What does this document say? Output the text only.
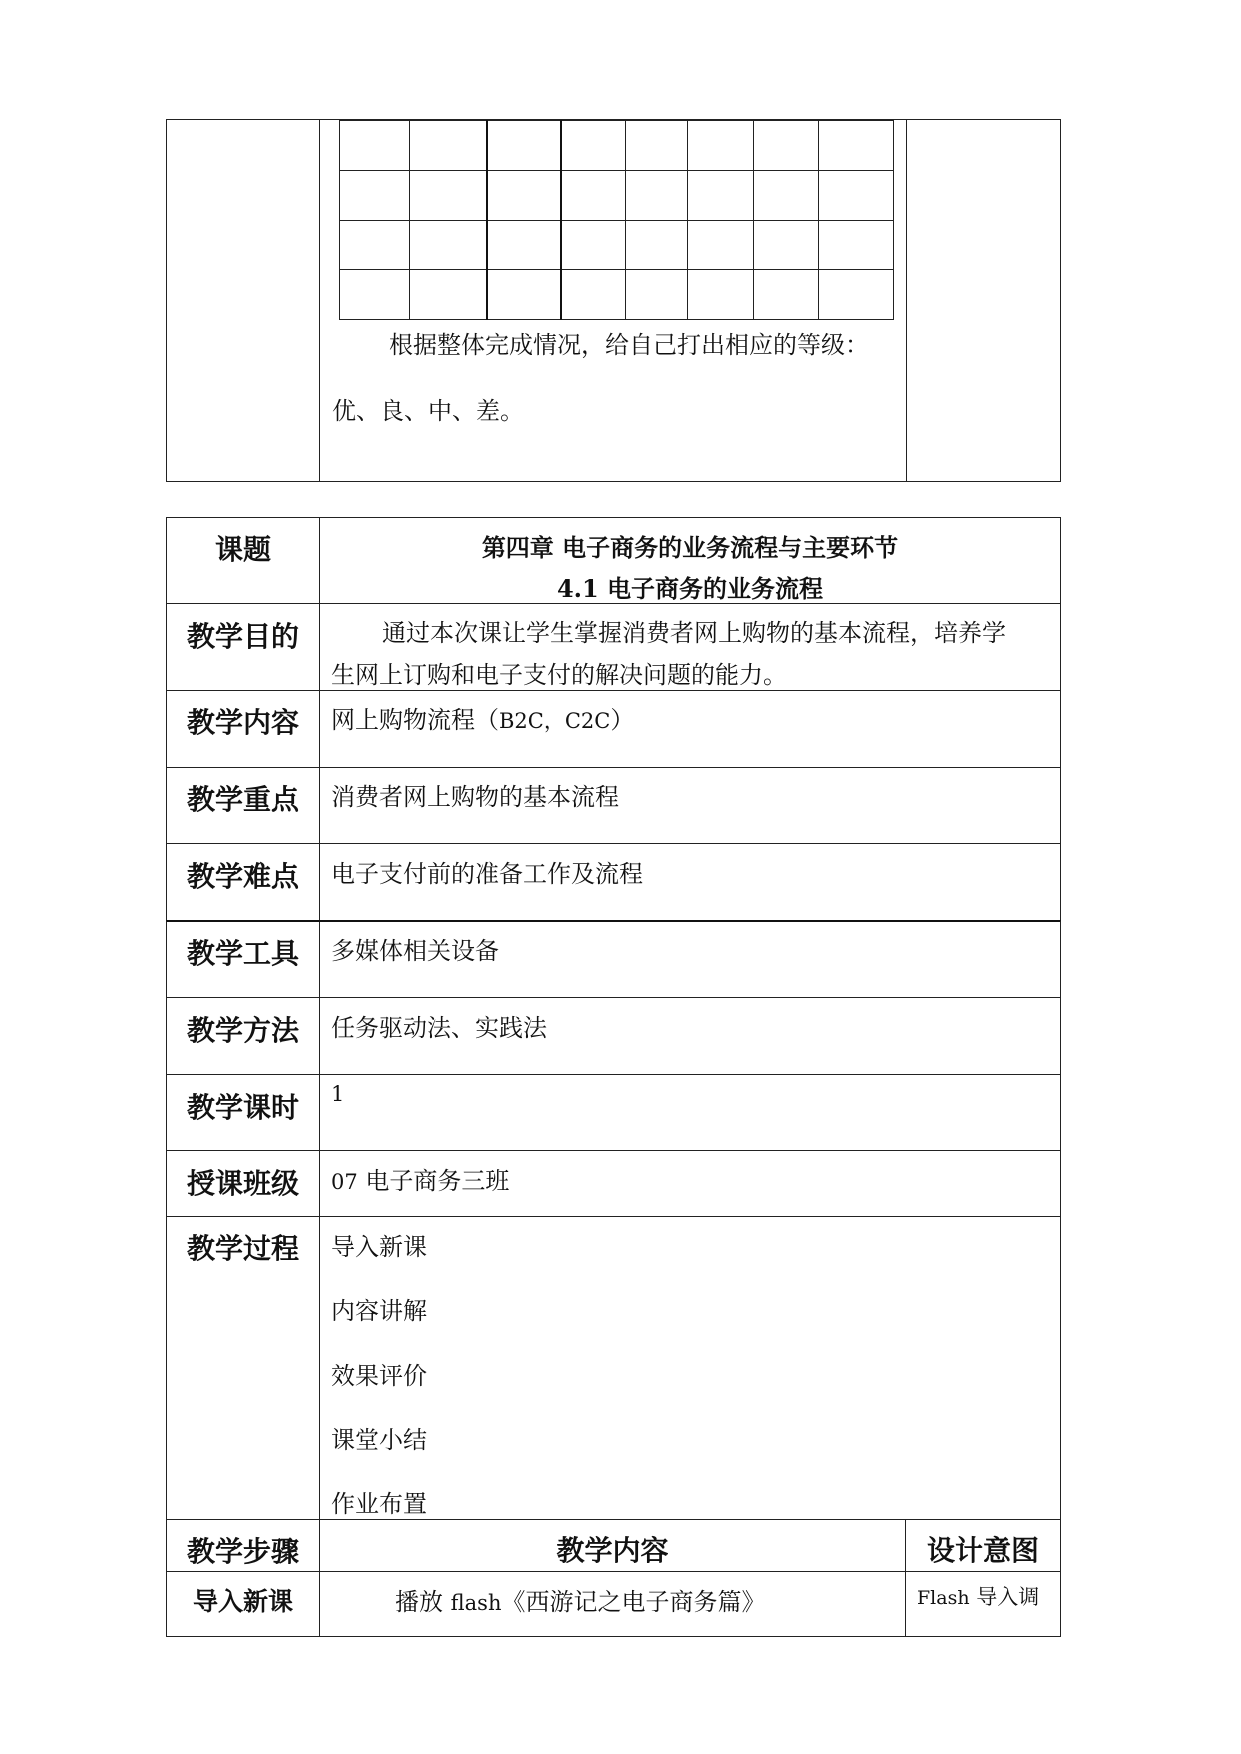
根据整体完成情况，给自己打出相应的等级：
优、良、中、差。
课题	第四章 电子商务的业务流程与主要环节
4.1 电子商务的业务流程
教学目的	通过本次课让学生掌握消费者网上购物的基本流程，培养学
生网上订购和电子支付的解决问题的能力。
教学内容	网上购物流程（B2C，C2C）
教学重点	消费者网上购物的基本流程
教学难点	电子支付前的准备工作及流程
教学工具	多媒体相关设备
教学方法	任务驱动法、实践法
教学课时	1
授课班级	07 电子商务三班
教学过程	导入新课
内容讲解
效果评价
课堂小结
作业布置
教学步骤	教学内容	设计意图
导入新课	播放 flash《西游记之电子商务篇》	Flash 导入调
